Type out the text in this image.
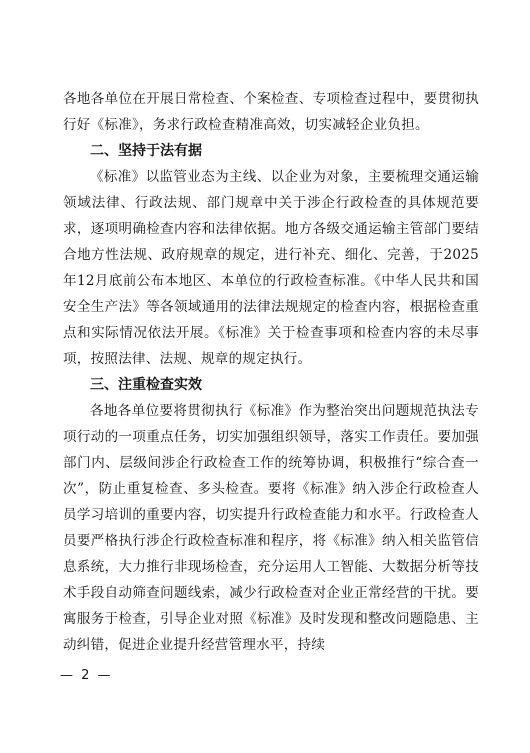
各地各单位在开展日常检查、个案检查、专项检查过程中，要贯彻执行好《标准》，务求行政检查精准高效，切实减轻企业负担。

二、坚持于法有据

《标准》以监管业态为主线、以企业为对象，主要梳理交通运输领域法律、行政法规、部门规章中关于涉企行政检查的具体规范要求，逐项明确检查内容和法律依据。地方各级交通运输主管部门要结合地方性法规、政府规章的规定，进行补充、细化、完善，于2025年12月底前公布本地区、本单位的行政检查标准。《中华人民共和国安全生产法》等各领域通用的法律法规规定的检查内容，根据检查重点和实际情况依法开展。《标准》关于检查事项和检查内容的未尽事项，按照法律、法规、规章的规定执行。

三、注重检查实效

各地各单位要将贯彻执行《标准》作为整治突出问题规范执法专项行动的一项重点任务，切实加强组织领导，落实工作责任。要加强部门内、层级间涉企行政检查工作的统筹协调，积极推行“综合查一次”，防止重复检查、多头检查。要将《标准》纳入涉企行政检查人员学习培训的重要内容，切实提升行政检查能力和水平。行政检查人员要严格执行涉企行政检查标准和程序，将《标准》纳入相关监管信息系统，大力推行非现场检查，充分运用人工智能、大数据分析等技术手段自动筛查问题线索，减少行政检查对企业正常经营的干扰。要寓服务于检查，引导企业对照《标准》及时发现和整改问题隐患、主动纠错，促进企业提升经营管理水平，持续

— 2 —
